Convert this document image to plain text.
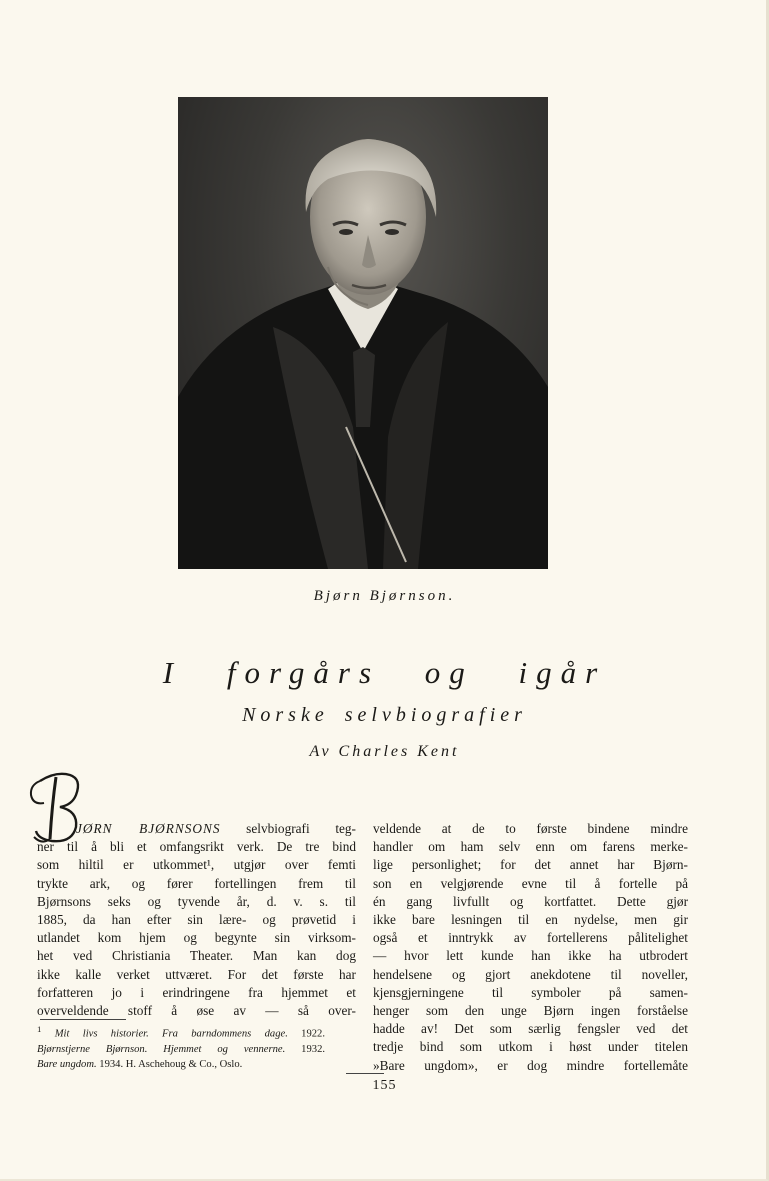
Bjørn Bjørnson.
I forgårs og igår
Norske selvbiografier
Av Charles Kent
B
JØRN BJØRNSONS selvbiografi teg-
ner til å bli et omfangsrikt verk. De tre bind
som hiltil er utkommet¹, utgjør over femti
trykte ark, og fører fortellingen frem til
Bjørnsons seks og tyvende år, d. v. s. til
1885, da han efter sin lære- og prøvetid i
utlandet kom hjem og begynte sin virksom-
het ved Christiania Theater. Man kan dog
ikke kalle verket uttværet. For det første har
forfatteren jo i erindringene fra hjemmet et
overveldende stoff å øse av — så over-
$^1$ Mit livs historier. Fra barndommens dage. 1922.
Bjørnstjerne Bjørnson. Hjemmet og vennerne. 1932.
Bare ungdom. 1934. H. Aschehoug & Co., Oslo.
veldende at de to første bindene mindre
handler om ham selv enn om farens merke-
lige personlighet; for det annet har Bjørn-
son en velgjørende evne til å fortelle på
én gang livfullt og kortfattet. Dette gjør
ikke bare lesningen til en nydelse, men gir
også et inntrykk av fortellerens pålitelighet
— hvor lett kunde han ikke ha utbrodert
hendelsene og gjort anekdotene til noveller,
kjensgjerningene til symboler på samen-
henger som den unge Bjørn ingen forståelse
hadde av! Det som særlig fengsler ved det
tredje bind som utkom i høst under titelen
»Bare ungdom», er dog mindre fortellemåte
155
